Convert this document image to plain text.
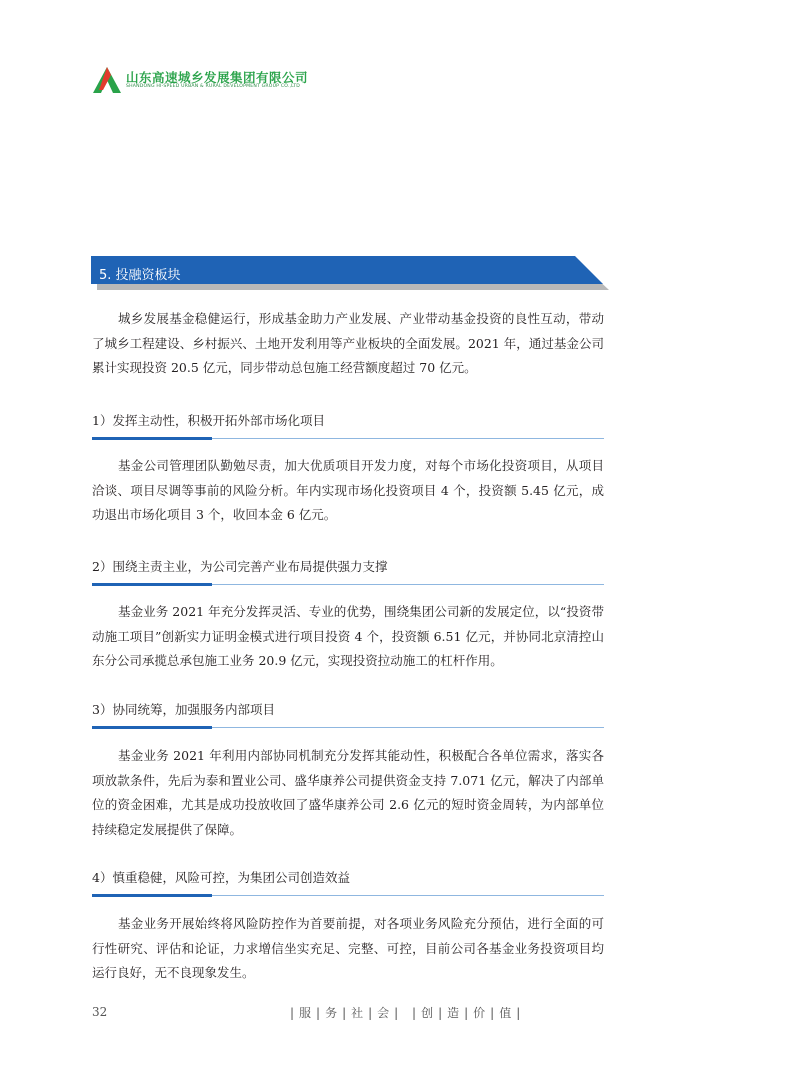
山东高速城乡发展集团有限公司
SHANDONG HI-SPEED URBAN & RURAL DEVELOPMENT GROUP CO.,LTD
5. 投融资板块

城乡发展基金稳健运行，形成基金助力产业发展、产业带动基金投资的良性互动，带动了城乡工程建设、乡村振兴、土地开发利用等产业板块的全面发展。2021 年，通过基金公司累计实现投资 20.5 亿元，同步带动总包施工经营额度超过 70 亿元。

1）发挥主动性，积极开拓外部市场化项目

基金公司管理团队勤勉尽责，加大优质项目开发力度，对每个市场化投资项目，从项目洽谈、项目尽调等事前的风险分析。年内实现市场化投资项目 4 个，投资额 5.45 亿元，成功退出市场化项目 3 个，收回本金 6 亿元。

2）围绕主责主业，为公司完善产业布局提供强力支撑

基金业务 2021 年充分发挥灵活、专业的优势，围绕集团公司新的发展定位，以“投资带动施工项目”创新实力证明金模式进行项目投资 4 个，投资额 6.51 亿元，并协同北京清控山东分公司承揽总承包施工业务 20.9 亿元，实现投资拉动施工的杠杆作用。

3）协同统筹，加强服务内部项目

基金业务 2021 年利用内部协同机制充分发挥其能动性，积极配合各单位需求，落实各项放款条件，先后为泰和置业公司、盛华康养公司提供资金支持 7.071 亿元，解决了内部单位的资金困难，尤其是成功投放收回了盛华康养公司 2.6 亿元的短时资金周转，为内部单位持续稳定发展提供了保障。

4）慎重稳健，风险可控，为集团公司创造效益

基金业务开展始终将风险防控作为首要前提，对各项业务风险充分预估，进行全面的可行性研究、评估和论证，力求增信坐实充足、完整、可控，目前公司各基金业务投资项目均运行良好，无不良现象发生。

32	|服|务|社|会| |创|造|价|值|
